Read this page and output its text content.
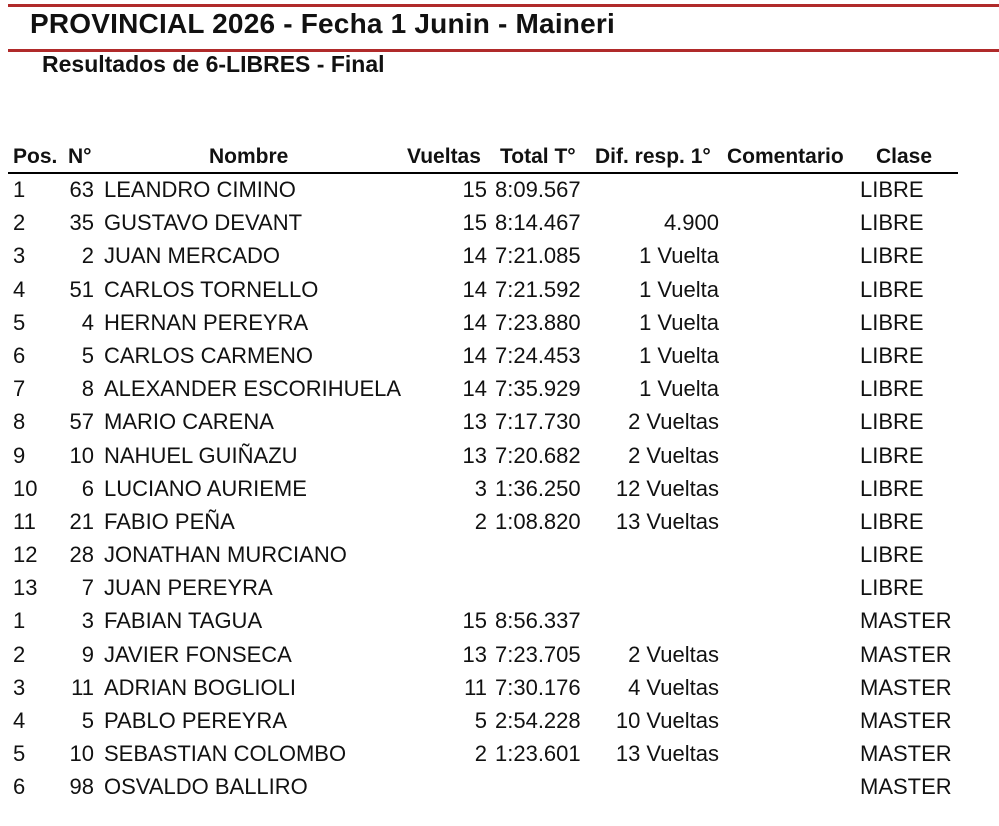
PROVINCIAL 2026 - Fecha 1 Junin - Maineri
Resultados de 6-LIBRES - Final
Pos. N°	Nombre	Vueltas Total T° Dif. resp. 1° Comentario Clase
1	63 LEANDRO CIMINO	15 8:09.567	LIBRE
2	35 GUSTAVO DEVANT	15 8:14.467	4.900	LIBRE
3	2 JUAN MERCADO	14 7:21.085	1 Vuelta	LIBRE
4	51 CARLOS TORNELLO	14 7:21.592	1 Vuelta	LIBRE
5	4 HERNAN PEREYRA	14 7:23.880	1 Vuelta	LIBRE
6	5 CARLOS CARMENO	14 7:24.453	1 Vuelta	LIBRE
7	8 ALEXANDER ESCORIHUELA	14 7:35.929	1 Vuelta	LIBRE
8	57 MARIO CARENA	13 7:17.730	2 Vueltas	LIBRE
9	10 NAHUEL GUIÑAZU	13 7:20.682	2 Vueltas	LIBRE
10	6 LUCIANO AURIEME	3 1:36.250	12 Vueltas	LIBRE
11	21 FABIO PEÑA	2 1:08.820	13 Vueltas	LIBRE
12	28 JONATHAN MURCIANO	LIBRE
13	7 JUAN PEREYRA	LIBRE
1	3 FABIAN TAGUA	15 8:56.337	MASTER
2	9 JAVIER FONSECA	13 7:23.705	2 Vueltas	MASTER
3	11 ADRIAN BOGLIOLI	11 7:30.176	4 Vueltas	MASTER
4	5 PABLO PEREYRA	5 2:54.228	10 Vueltas	MASTER
5	10 SEBASTIAN COLOMBO	2 1:23.601	13 Vueltas	MASTER
6	98 OSVALDO BALLIRO	MASTER
